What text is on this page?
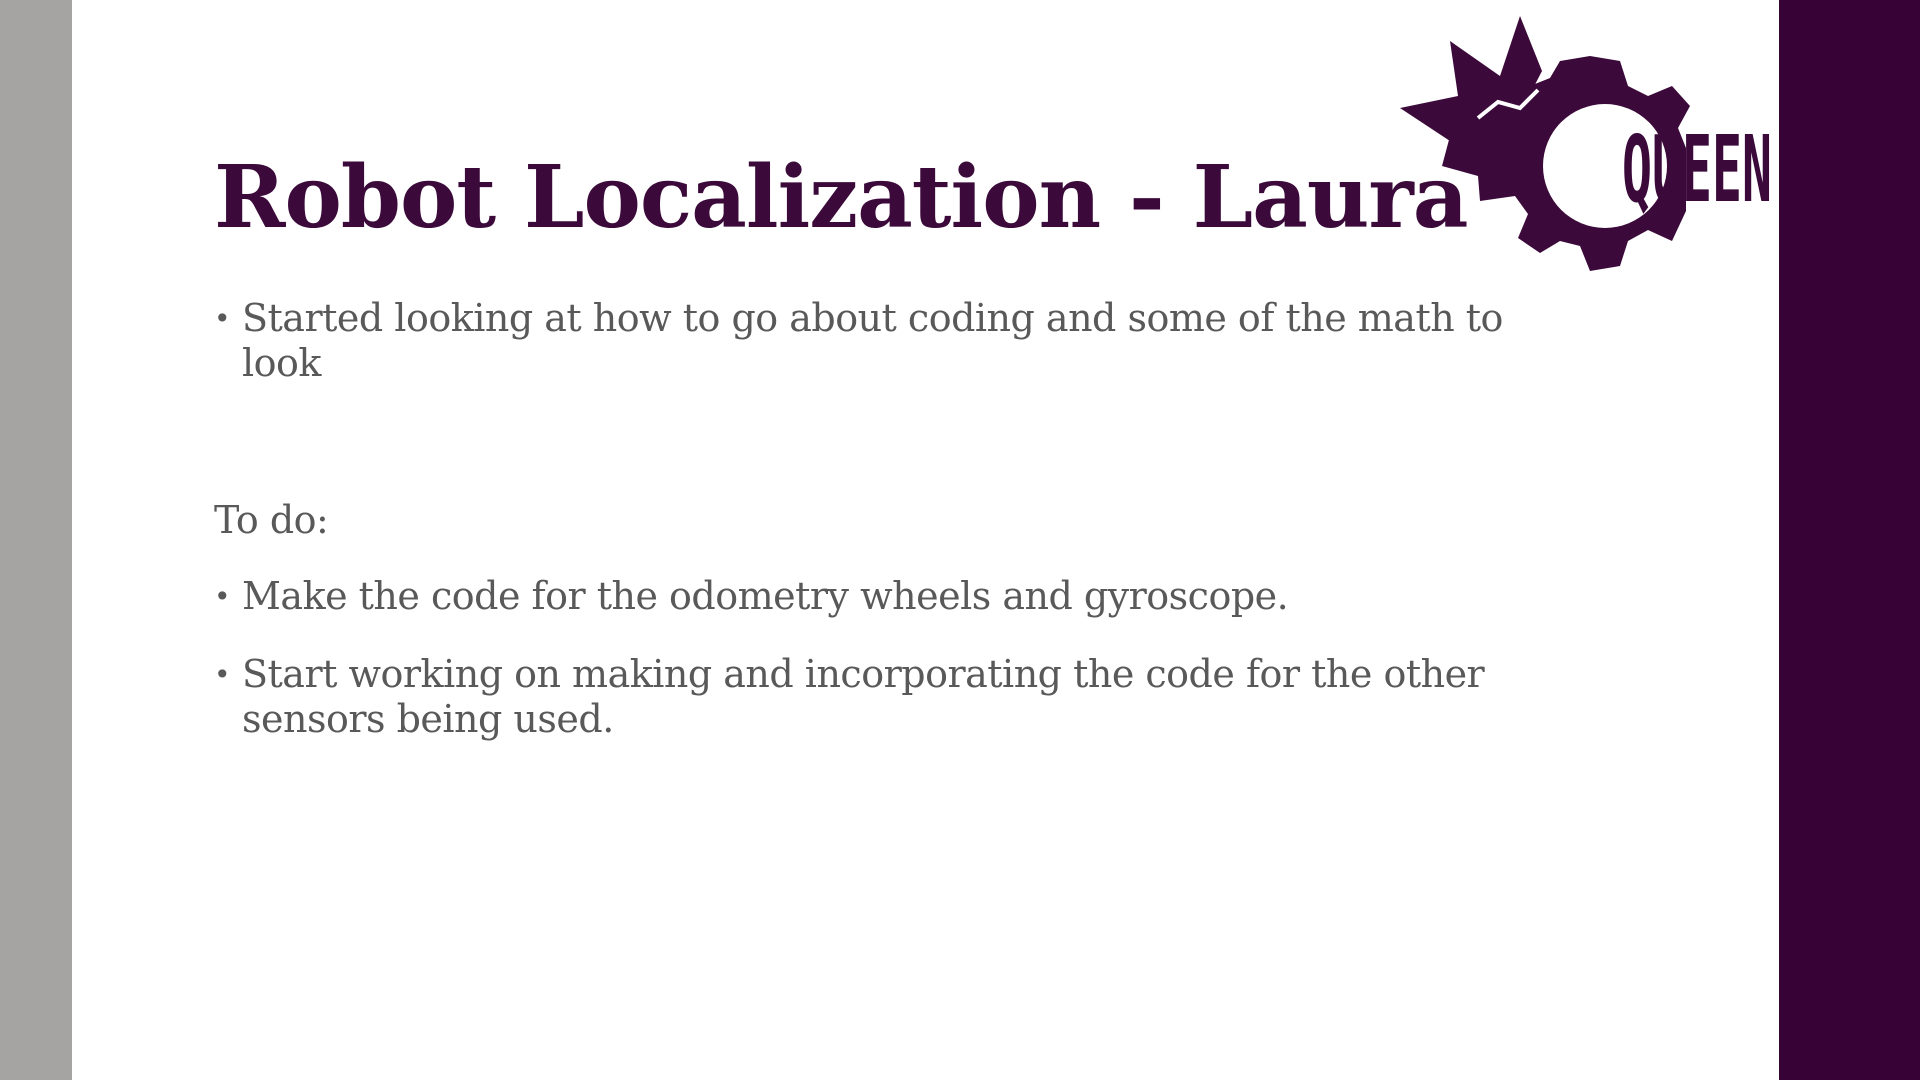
QUEEN
Robot Localization - Laura
• Started looking at how to go about coding and some of the math to look
To do:
• Make the code for the odometry wheels and gyroscope.
• Start working on making and incorporating the code for the other sensors being used.
